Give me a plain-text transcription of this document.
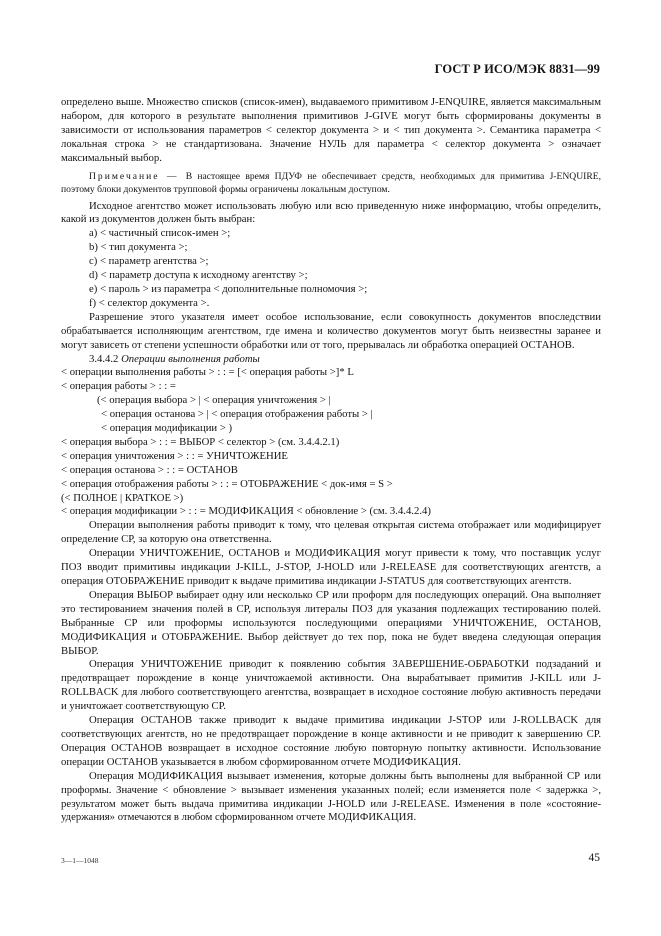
ГОСТ Р ИСО/МЭК 8831—99

определено выше. Множество списков (список-имен), выдаваемого примитивом J-ENQUIRE, является максимальным набором, для которого в результате выполнения примитивов J-GIVE могут быть сформированы документы в зависимости от использования параметров < селектор документа > и < тип документа >. Семантика параметра < локальная строка > не стандартизована. Значение НУЛЬ для параметра < селектор документа > означает максимальный выбор.

Примечание — В настоящее время ПДУФ не обеспечивает средств, необходимых для примитива J-ENQUIRE, поэтому блоки документов трупповой формы ограничены локальным доступом.

Исходное агентство может использовать любую или всю приведенную ниже информацию, чтобы определить, какой из документов должен быть выбран:

a) < частичный список-имен >;

b) < тип документа >;

c) < параметр агентства >;

d) < параметр доступа к исходному агентству >;

e) < пароль > из параметра < дополнительные полномочия >;

f) < селектор документа >.

Разрешение этого указателя имеет особое использование, если совокупность документов впоследствии обрабатывается исполняющим агентством, где имена и количество документов могут быть неизвестны заранее и могут зависеть от степени успешности обработки или от того, прерывалась ли обработка операцией ОСТАНОВ.

3.4.4.2 Операции выполнения работы

< операции выполнения работы > : : = [< операция работы >]* L

< операция работы > : : =

(< операция выбора > | < операция уничтожения > |

< операция останова > | < операция отображения работы > |

< операция модификации > )

< операция выбора > : : = ВЫБОР < селектор > (см. 3.4.4.2.1)

< операция уничтожения > : : = УНИЧТОЖЕНИЕ

< операция останова > : : = ОСТАНОВ

< операция отображения работы > : : = ОТОБРАЖЕНИЕ < док-имя = S >

(< ПОЛНОЕ | КРАТКОЕ >)

< операция модификации > : : = МОДИФИКАЦИЯ < обновление > (см. 3.4.4.2.4)

Операции выполнения работы приводит к тому, что целевая открытая система отображает или модифицирует определение СР, за которую она ответственна.

Операции УНИЧТОЖЕНИЕ, ОСТАНОВ и МОДИФИКАЦИЯ могут привести к тому, что поставщик услуг ПОЗ вводит примитивы индикации J-KILL, J-STOP, J-HOLD или J-RELEASE для соответствующих агентств, а операция ОТОБРАЖЕНИЕ приводит к выдаче примитива индикации J-STATUS для соответствующих агентств.

Операция ВЫБОР выбирает одну или несколько СР или проформ для последующих операций. Она выполняет это тестированием значения полей в СР, используя литералы ПОЗ для указания подлежащих тестированию полей. Выбранные СР или проформы используются последующими операциями УНИЧТОЖЕНИЕ, ОСТАНОВ, МОДИФИКАЦИЯ и ОТОБРАЖЕНИЕ. Выбор действует до тех пор, пока не будет введена следующая операция ВЫБОР.

Операция УНИЧТОЖЕНИЕ приводит к появлению события ЗАВЕРШЕНИЕ-ОБРАБОТКИ подзаданий и предотвращает порождение в конце уничтожаемой активности. Она вырабатывает примитив J-KILL или J-ROLLBACK для любого соответствующего агентства, возвращает в исходное состояние любую активность передачи и уничтожает соответствующую СР.

Операция ОСТАНОВ также приводит к выдаче примитива индикации J-STOP или J-ROLLBACK для соответствующих агентств, но не предотвращает порождение в конце активности и не приводит к завершению СР. Операция ОСТАНОВ возвращает в исходное состояние любую повторную попытку активности. Использование операции ОСТАНОВ указывается в любом сформированном отчете МОДИФИКАЦИЯ.

Операция МОДИФИКАЦИЯ вызывает изменения, которые должны быть выполнены для выбранной СР или проформы. Значение < обновление > вызывает изменения указанных полей; если изменяется поле < задержка >, результатом может быть выдача примитива индикации J-HOLD или J-RELEASE. Изменения в поле «состояние-удержания» отмечаются в любом сформированном отчете МОДИФИКАЦИЯ.

3—1—1048	45
